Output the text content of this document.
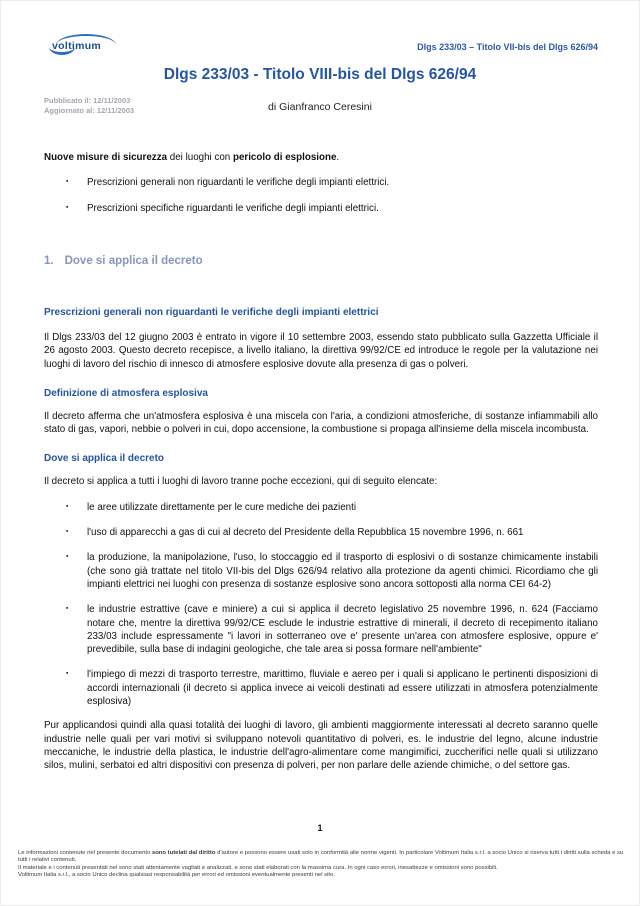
voltimum	Dlgs 233/03 – Titolo VII-bis del Dlgs 626/94
Dlgs 233/03 - Titolo VIII-bis del Dlgs 626/94
Pubblicato il: 12/11/2003
Aggiornato al: 12/11/2003	di Gianfranco Ceresini
Nuove misure di sicurezza dei luoghi con pericolo di esplosione.
▪	Prescrizioni generali non riguardanti le verifiche degli impianti elettrici.
▪	Prescrizioni specifiche riguardanti le verifiche degli impianti elettrici.
1. Dove si applica il decreto
Prescrizioni generali non riguardanti le verifiche degli impianti elettrici
Il Dlgs 233/03 del 12 giugno 2003 è entrato in vigore il 10 settembre 2003, essendo stato pubblicato sulla Gazzetta Ufficiale il 26 agosto 2003. Questo decreto recepisce, a livello italiano, la direttiva 99/92/CE ed introduce le regole per la valutazione nei luoghi di lavoro del rischio di innesco di atmosfere esplosive dovute alla presenza di gas o polveri.
Definizione di atmosfera esplosiva
Il decreto afferma che un'atmosfera esplosiva è una miscela con l'aria, a condizioni atmosferiche, di sostanze infiammabili allo stato di gas, vapori, nebbie o polveri in cui, dopo accensione, la combustione si propaga all'insieme della miscela incombusta.
Dove si applica il decreto
Il decreto si applica a tutti i luoghi di lavoro tranne poche eccezioni, qui di seguito elencate:
▪	le aree utilizzate direttamente per le cure mediche dei pazienti
▪	l'uso di apparecchi a gas di cui al decreto del Presidente della Repubblica 15 novembre 1996, n. 661
▪	la produzione, la manipolazione, l'uso, lo stoccaggio ed il trasporto di esplosivi o di sostanze chimicamente instabili (che sono già trattate nel titolo VII-bis del Dlgs 626/94 relativo alla protezione da agenti chimici. Ricordiamo che gli impianti elettrici nei luoghi con presenza di sostanze esplosive sono ancora sottoposti alla norma CEI 64-2)
▪	le industrie estrattive (cave e miniere) a cui si applica il decreto legislativo 25 novembre 1996, n. 624 (Facciamo notare che, mentre la direttiva 99/92/CE esclude le industrie estrattive di minerali, il decreto di recepimento italiano 233/03 include espressamente "i lavori in sotterraneo ove e' presente un'area con atmosfere esplosive, oppure e' prevedibile, sulla base di indagini geologiche, che tale area si possa formare nell'ambiente"
▪	l'impiego di mezzi di trasporto terrestre, marittimo, fluviale e aereo per i quali si applicano le pertinenti disposizioni di accordi internazionali (il decreto si applica invece ai veicoli destinati ad essere utilizzati in atmosfera potenzialmente esplosiva)
Pur applicandosi quindi alla quasi totalità dei luoghi di lavoro, gli ambienti maggiormente interessati al decreto saranno quelle industrie nelle quali per vari motivi si sviluppano notevoli quantitativo di polveri, es. le industrie del legno, alcune industrie meccaniche, le industrie della plastica, le industrie dell'agro-alimentare come mangimifici, zuccherifici nelle quali si utilizzano silos, mulini, serbatoi ed altri dispositivi con presenza di polveri, per non parlare delle aziende chimiche, o del settore gas.
1
Le informazioni contenute nel presente documento sono tutelati dal diritto d'autore e possono essere usati solo in conformità alle norme vigenti. In particolare Voltimum Italia s.r.l. a socio Unico si riserva tutti i diritti sulla scheda e su tutti i relativi contenuti.
Il materiale e i contenuti presentati nel sono stati attentamente vagliati e analizzati, e sono stati elaborati con la massima cura. In ogni caso errori, inesattezze e omissioni sono possibili.
Voltimum Italia s.r.l., a socio Unico declina qualsiasi responsabilità per errori ed omissioni eventualmente presenti nel sito.
